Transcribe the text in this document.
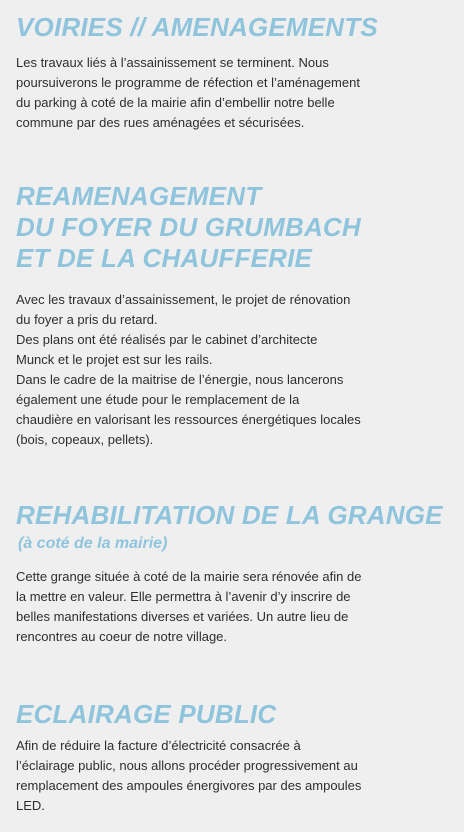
VOIRIES // AMENAGEMENTS

Les travaux liés à l’assainissement se terminent. Nous
poursuiverons le programme de réfection et l’aménagement
du parking à coté de la mairie afin d’embellir notre belle
commune par des rues aménagées et sécurisées.

REAMENAGEMENT
DU FOYER DU GRUMBACH
ET DE LA CHAUFFERIE

Avec les travaux d’assainissement, le projet de rénovation
du foyer a pris du retard.
Des plans ont été réalisés par le cabinet d’architecte
Munck et le projet est sur les rails.
Dans le cadre de la maitrise de l’énergie, nous lancerons
également une étude pour le remplacement de la
chaudière en valorisant les ressources énergétiques locales
(bois, copeaux, pellets).

REHABILITATION DE LA GRANGE
(à coté de la mairie)

Cette grange située à coté de la mairie sera rénovée afin de
la mettre en valeur. Elle permettra à l’avenir d’y inscrire de
belles manifestations diverses et variées. Un autre lieu de
rencontres au coeur de notre village.

ECLAIRAGE PUBLIC

Afin de réduire la facture d’électricité consacrée à
l’éclairage public, nous allons procéder progressivement au
remplacement des ampoules énergivores par des ampoules
LED.
